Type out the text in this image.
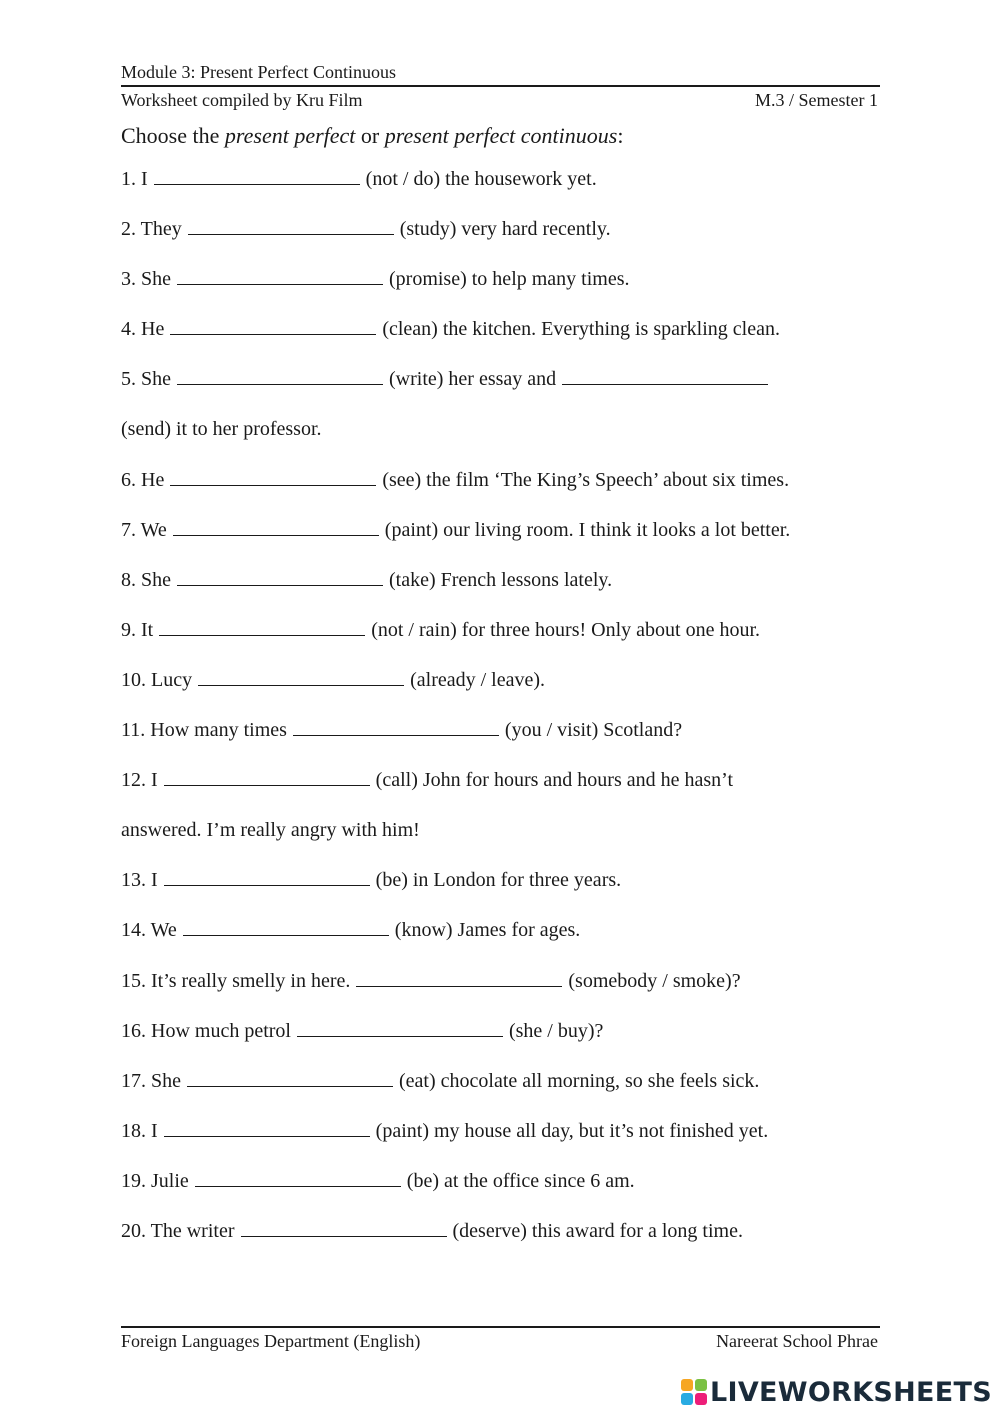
Module 3: Present Perfect Continuous
Worksheet compiled by Kru Film	M.3 / Semester 1
Choose the present perfect or present perfect continuous:
1. I	(not / do) the housework yet.
2. They	(study) very hard recently.
3. She	(promise) to help many times.
4. He	(clean) the kitchen. Everything is sparkling clean.
5. She	(write) her essay and
(send) it to her professor.
6. He	(see) the film ‘The King’s Speech’ about six times.
7. We	(paint) our living room. I think it looks a lot better.
8. She	(take) French lessons lately.
9. It	(not / rain) for three hours! Only about one hour.
10. Lucy	(already / leave).
11. How many times	(you / visit) Scotland?
12. I	(call) John for hours and hours and he hasn’t
answered. I’m really angry with him!
13. I	(be) in London for three years.
14. We	(know) James for ages.
15. It’s really smelly in here.	(somebody / smoke)?
16. How much petrol	(she / buy)?
17. She	(eat) chocolate all morning, so she feels sick.
18. I	(paint) my house all day, but it’s not finished yet.
19. Julie	(be) at the office since 6 am.
20. The writer	(deserve) this award for a long time.
Foreign Languages Department (English)	Nareerat School Phrae
LIVEWORKSHEETS
